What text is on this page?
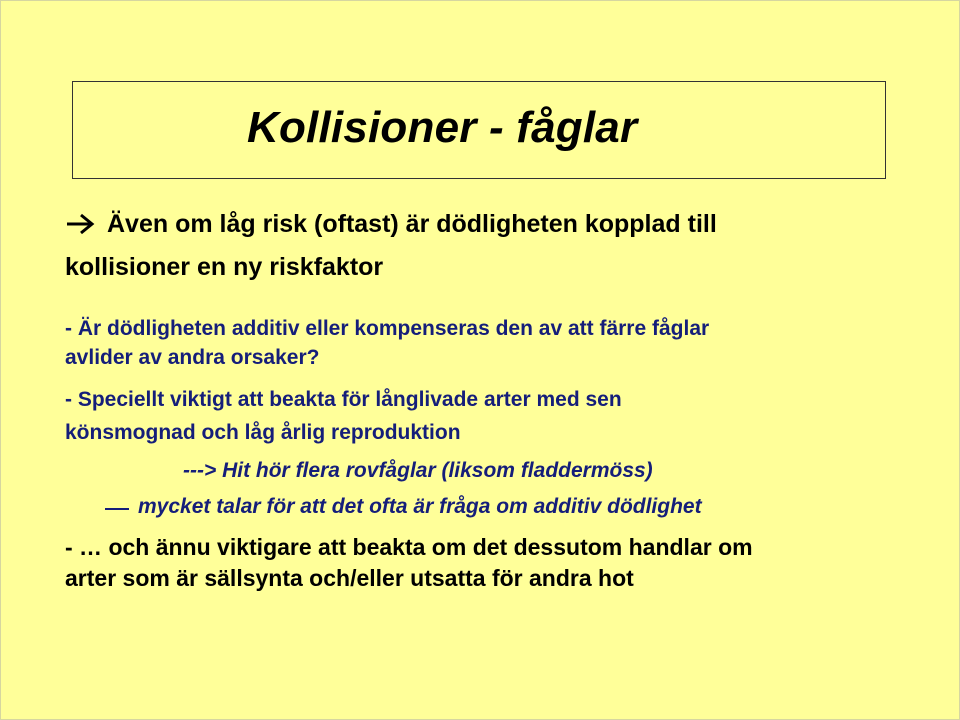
Kollisioner - fåglar
Även om låg risk (oftast) är dödligheten kopplad till
kollisioner en ny riskfaktor
- Är dödligheten additiv eller kompenseras den av att färre fåglar
avlider av andra orsaker?
- Speciellt viktigt att beakta för långlivade arter med sen
könsmognad och låg årlig reproduktion
---> Hit hör flera rovfåglar (liksom fladdermöss)
mycket talar för att det ofta är fråga om additiv dödlighet
- … och ännu viktigare att beakta om det dessutom handlar om
arter som är sällsynta och/eller utsatta för andra hot
